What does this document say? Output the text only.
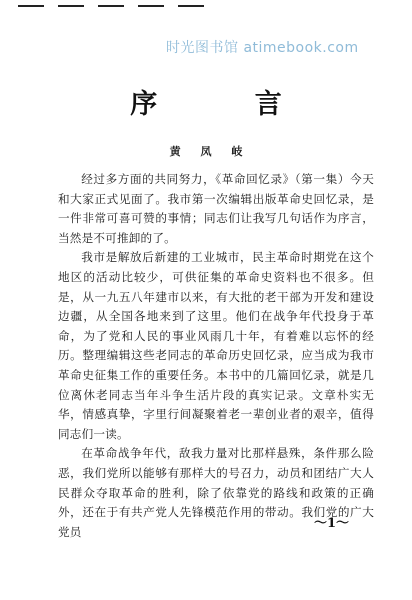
时光图书馆 atimebook.com
序 言
黄 凤 岐

经过多方面的共同努力，《革命回忆录》（第一集）今天和大家正式见面了。我市第一次编辑出版革命史回忆录，是一件非常可喜可赞的事情；同志们让我写几句话作为序言，当然是不可推卸的了。

我市是解放后新建的工业城市，民主革命时期党在这个地区的活动比较少，可供征集的革命史资料也不很多。但是，从一九五八年建市以来，有大批的老干部为开发和建设边疆，从全国各地来到了这里。他们在战争年代投身于革命，为了党和人民的事业风雨几十年，有着难以忘怀的经历。整理编辑这些老同志的革命历史回忆录，应当成为我市革命史征集工作的重要任务。本书中的几篇回忆录，就是几位离休老同志当年斗争生活片段的真实记录。文章朴实无华，情感真挚，字里行间凝聚着老一辈创业者的艰辛，值得同志们一读。

在革命战争年代，敌我力量对比那样悬殊，条件那么险恶，我们党所以能够有那样大的号召力，动员和团结广大人民群众夺取革命的胜利，除了依靠党的路线和政策的正确外，还在于有共产党人先锋模范作用的带动。我们党的广大党员

～1～
